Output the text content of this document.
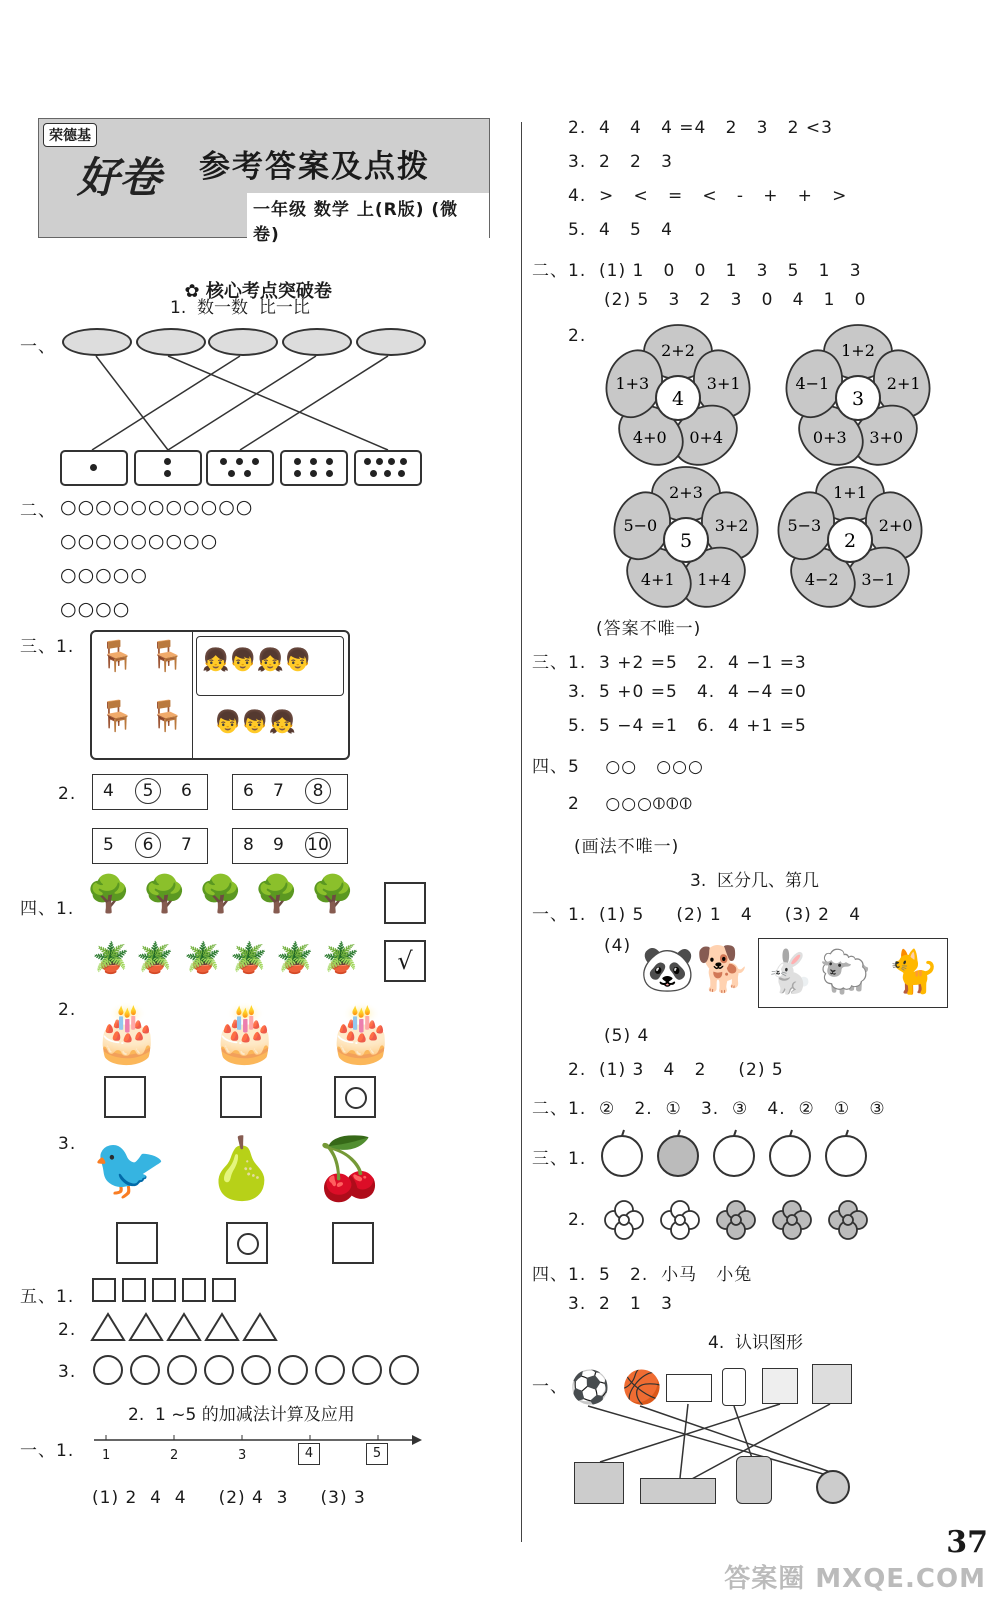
荣德基
好卷 参考答案及点拨
一年级 数学 上(R版) (微卷)

✿ 核心考点突破卷

1.  数一数  比一比
一、
二、 ○○○○○○○○○○○
○○○○○○○○○
○○○○○
○○○○
三、1. 🪑 🪑
🪑 🪑
👧👦👧👦
👦👦👧
2. 4	5	6	6 7	8
5	6	7	8 9 10
四、1. 🌳 🌳 🌳 🌳 🌳
🪴 🪴 🪴 🪴 🪴 🪴	√
2. 🎂 🎂 🎂
3. 🐦 🍐 🍒
五、1.
2.
3.
2.  1 ~5 的加减法计算及应用
一、1. 1	2	3	4	5
(1) 2  4  4     (2) 4  3     (3) 3
2.  4   4   4 =4   2   3   2 <3
3.  2   2   3
4.  >   <   =   <   -   +   +   >
5.  4   5   4
二、1.  (1) 1   0   0   1   3   5   1   3
(2) 5   3   2   3   0   4   1   0
2.
2+2
3+1
0+4
4+0
1+3
4
1+2
2+1
3+0
0+3
4−1
3
2+3
3+2
1+4
4+1
5−0
5
1+1
2+0
3−1
4−2
5−3
2
(答案不唯一)
三、1.  3 +2 =5   2.  4 −1 =3
3.  5 +0 =5   4.  4 −4 =0
5.  5 −4 =1   6.  4 +1 =5
四、5    ○○   ○○○
2    ○○○⦶⦶⦶
(画法不唯一)
3.  区分几、第几
一、1.  (1) 5     (2) 1   4     (3) 2   4
(4) 🐼 🐕 🐇 🐑 🐈
(5) 4
2.  (1) 3   4   2     (2) 5
二、1.  ②   2.  ①   3.  ③   4.  ②   ①   ③
三、1.
2.
四、1.  5   2.  小马   小兔
3.  2   1   3
4.  认识图形
一、 ⚽ 🏀
37
答案圈 MXQE.COM
